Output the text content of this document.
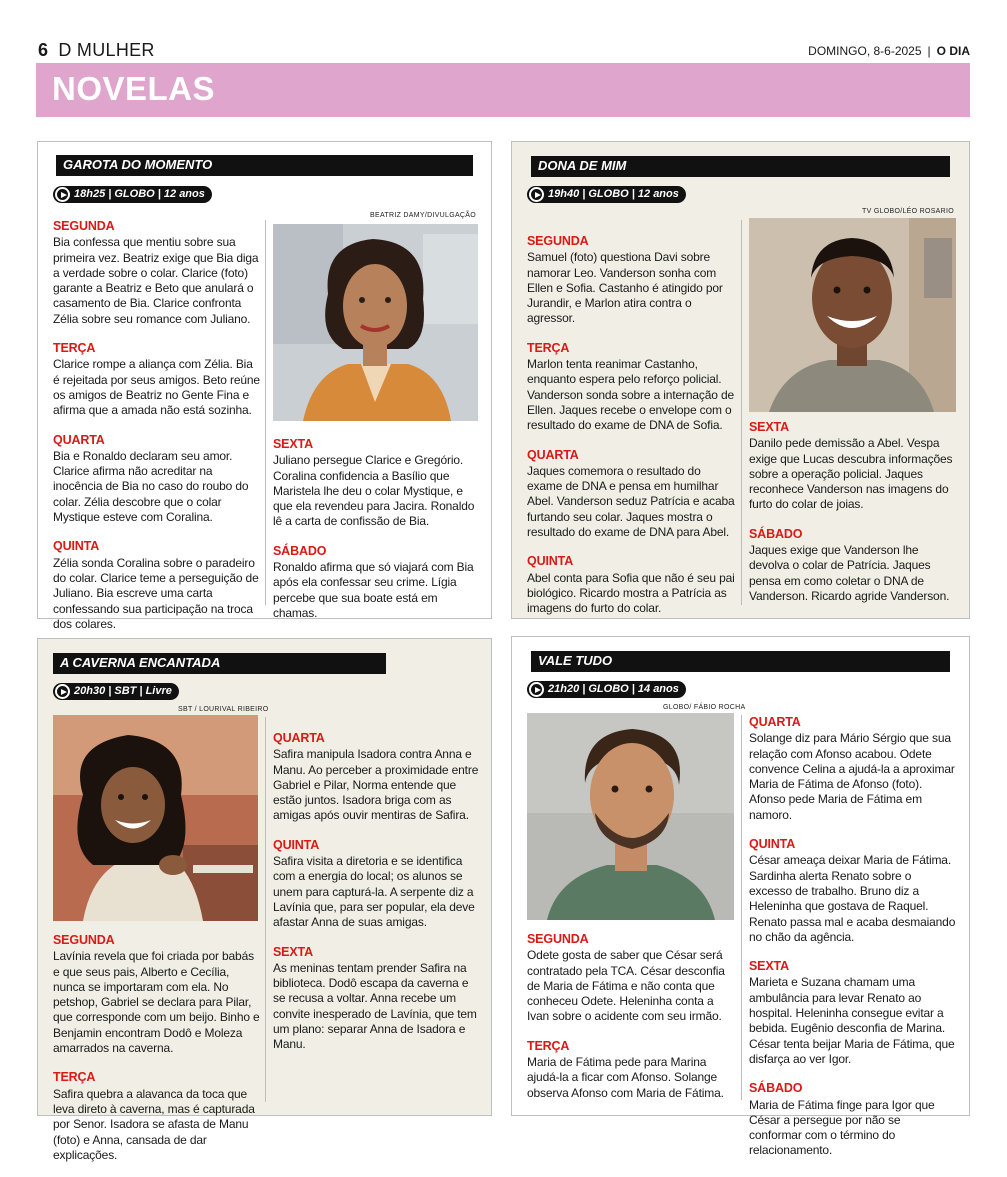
6 D MULHER	DOMINGO, 8-6-2025 | O DIA
NOVELAS
GAROTA DO MOMENTO
18h25 | GLOBO | 12 anos
SEGUNDA
Bia confessa que mentiu sobre sua primeira vez. Beatriz exige que Bia diga a verdade sobre o colar. Clarice (foto) garante a Beatriz e Beto que anulará o casamento de Bia. Clarice confronta Zélia sobre seu romance com Juliano.
TERÇA
Clarice rompe a aliança com Zélia. Bia é rejeitada por seus amigos. Beto reúne os amigos de Beatriz no Gente Fina e afirma que a amada não está sozinha.
QUARTA
Bia e Ronaldo declaram seu amor. Clarice afirma não acreditar na inocência de Bia no caso do roubo do colar. Zélia descobre que o colar Mystique esteve com Coralina.
QUINTA
Zélia sonda Coralina sobre o paradeiro do colar. Clarice teme a perseguição de Juliano. Bia escreve uma carta confessando sua participação na troca dos colares.
BEATRIZ DAMY/DIVULGAÇÃO
SEXTA
Juliano persegue Clarice e Gregório. Coralina confidencia a Basílio que Maristela lhe deu o colar Mystique, e que ela revendeu para Jacira. Ronaldo lê a carta de confissão de Bia.
SÁBADO
Ronaldo afirma que só viajará com Bia após ela confessar seu crime. Lígia percebe que sua boate está em chamas.
DONA DE MIM
19h40 | GLOBO | 12 anos
SEGUNDA
Samuel (foto) questiona Davi sobre namorar Leo. Vanderson sonha com Ellen e Sofia. Castanho é atingido por Jurandir, e Marlon atira contra o agressor.
TERÇA
Marlon tenta reanimar Castanho, enquanto espera pelo reforço policial. Vanderson sonda sobre a internação de Ellen. Jaques recebe o envelope com o resultado do exame de DNA de Sofia.
QUARTA
Jaques comemora o resultado do exame de DNA e pensa em humilhar Abel. Vanderson seduz Patrícia e acaba furtando seu colar. Jaques mostra o resultado do exame de DNA para Abel.
QUINTA
Abel conta para Sofia que não é seu pai biológico. Ricardo mostra a Patrícia as imagens do furto do colar.
TV GLOBO/LÉO ROSARIO
SEXTA
Danilo pede demissão a Abel. Vespa exige que Lucas descubra informações sobre a operação policial. Jaques reconhece Vanderson nas imagens do furto do colar de joias.
SÁBADO
Jaques exige que Vanderson lhe devolva o colar de Patrícia. Jaques pensa em como coletar o DNA de Vanderson. Ricardo agride Vanderson.
A CAVERNA ENCANTADA
20h30 | SBT | Livre
SBT / LOURIVAL RIBEIRO
SEGUNDA
Lavínia revela que foi criada por babás e que seus pais, Alberto e Cecília, nunca se importaram com ela. No petshop, Gabriel se declara para Pilar, que corresponde com um beijo. Binho e Benjamin encontram Dodô e Moleza amarrados na caverna.
TERÇA
Safira quebra a alavanca da toca que leva direto à caverna, mas é capturada por Senor. Isadora se afasta de Manu (foto) e Anna, cansada de dar explicações.
QUARTA
Safira manipula Isadora contra Anna e Manu. Ao perceber a proximidade entre Gabriel e Pilar, Norma entende que estão juntos. Isadora briga com as amigas após ouvir mentiras de Safira.
QUINTA
Safira visita a diretoria e se identifica com a energia do local; os alunos se unem para capturá-la. A serpente diz a Lavínia que, para ser popular, ela deve afastar Anna de suas amigas.
SEXTA
As meninas tentam prender Safira na biblioteca. Dodô escapa da caverna e se recusa a voltar. Anna recebe um convite inesperado de Lavínia, que tem um plano: separar Anna de Isadora e Manu.
VALE TUDO
21h20 | GLOBO | 14 anos
GLOBO/ FÁBIO ROCHA
SEGUNDA
Odete gosta de saber que César será contratado pela TCA. César desconfia de Maria de Fátima e não conta que conheceu Odete. Heleninha conta a Ivan sobre o acidente com seu irmão.
TERÇA
Maria de Fátima pede para Marina ajudá-la a ficar com Afonso. Solange observa Afonso com Maria de Fátima.
QUARTA
Solange diz para Mário Sérgio que sua relação com Afonso acabou. Odete convence Celina a ajudá-la a aproximar Maria de Fátima de Afonso (foto). Afonso pede Maria de Fátima em namoro.
QUINTA
César ameaça deixar Maria de Fátima. Sardinha alerta Renato sobre o excesso de trabalho. Bruno diz a Heleninha que gostava de Raquel. Renato passa mal e acaba desmaiando no chão da agência.
SEXTA
Marieta e Suzana chamam uma ambulância para levar Renato ao hospital. Heleninha consegue evitar a bebida. Eugênio desconfia de Marina. César tenta beijar Maria de Fátima, que disfarça ao ver Igor.
SÁBADO
Maria de Fátima finge para Igor que César a persegue por não se conformar com o término do relacionamento.
